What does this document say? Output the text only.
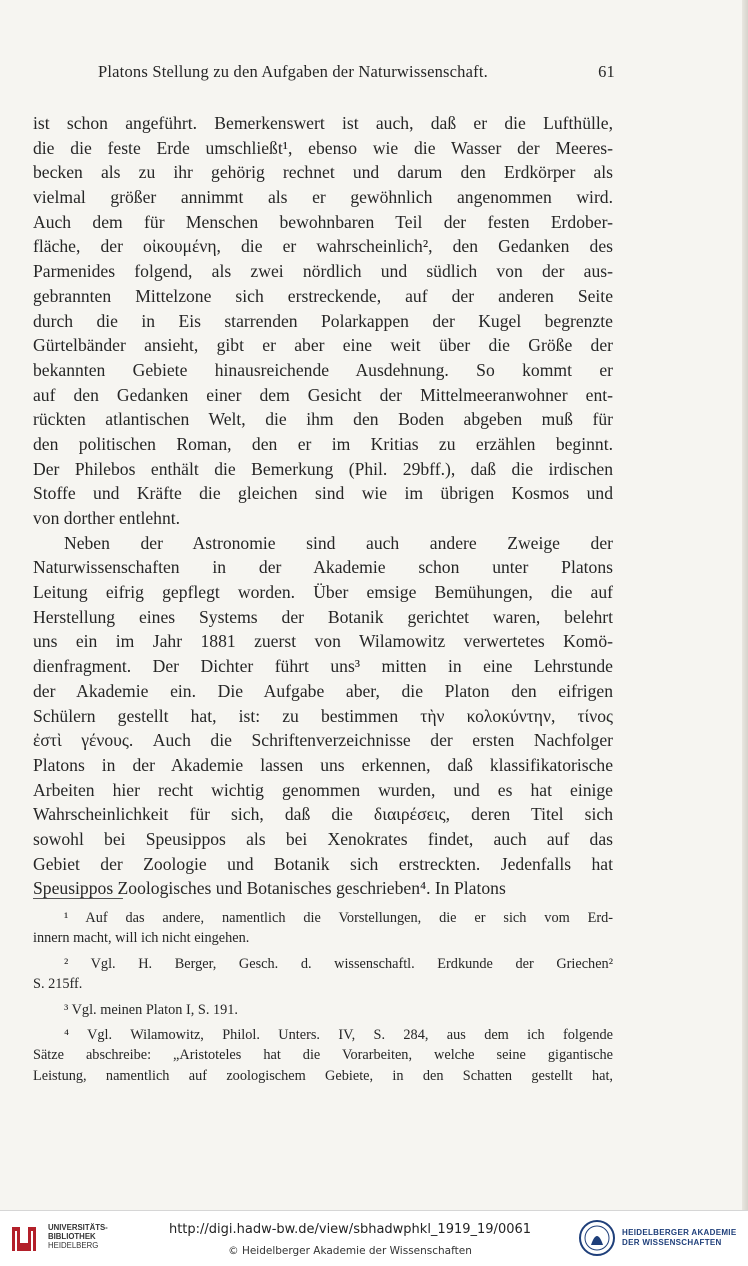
Platons Stellung zu den Aufgaben der Naturwissenschaft.	61
ist schon angeführt. Bemerkenswert ist auch, daß er die Lufthülle,
die die feste Erde umschließt¹, ebenso wie die Wasser der Meeres-
becken als zu ihr gehörig rechnet und darum den Erdkörper als
vielmal größer annimmt als er gewöhnlich angenommen wird.
Auch dem für Menschen bewohnbaren Teil der festen Erdober-
fläche, der οἰκουμένη, die er wahrscheinlich², den Gedanken des
Parmenides folgend, als zwei nördlich und südlich von der aus-
gebrannten Mittelzone sich erstreckende, auf der anderen Seite
durch die in Eis starrenden Polarkappen der Kugel begrenzte
Gürtelbänder ansieht, gibt er aber eine weit über die Größe der
bekannten Gebiete hinausreichende Ausdehnung. So kommt er
auf den Gedanken einer dem Gesicht der Mittelmeeranwohner ent-
rückten atlantischen Welt, die ihm den Boden abgeben muß für
den politischen Roman, den er im Kritias zu erzählen beginnt.
Der Philebos enthält die Bemerkung (Phil. 29bff.), daß die irdischen
Stoffe und Kräfte die gleichen sind wie im übrigen Kosmos und
von dorther entlehnt.
Neben der Astronomie sind auch andere Zweige der
Naturwissenschaften in der Akademie schon unter Platons
Leitung eifrig gepflegt worden. Über emsige Bemühungen, die auf
Herstellung eines Systems der Botanik gerichtet waren, belehrt
uns ein im Jahr 1881 zuerst von Wilamowitz verwertetes Komö-
dienfragment. Der Dichter führt uns³ mitten in eine Lehrstunde
der Akademie ein. Die Aufgabe aber, die Platon den eifrigen
Schülern gestellt hat, ist: zu bestimmen τὴν κολοκύντην, τίνος
ἐστὶ γένους. Auch die Schriftenverzeichnisse der ersten Nachfolger
Platons in der Akademie lassen uns erkennen, daß klassifikatorische
Arbeiten hier recht wichtig genommen wurden, und es hat einige
Wahrscheinlichkeit für sich, daß die διαιρέσεις, deren Titel sich
sowohl bei Speusippos als bei Xenokrates findet, auch auf das
Gebiet der Zoologie und Botanik sich erstreckten. Jedenfalls hat
Speusippos Zoologisches und Botanisches geschrieben⁴. In Platons
¹ Auf das andere, namentlich die Vorstellungen, die er sich vom Erd-
innern macht, will ich nicht eingehen.
² Vgl. H. Berger, Gesch. d. wissenschaftl. Erdkunde der Griechen²
S. 215ff.
³ Vgl. meinen Platon I, S. 191.
⁴ Vgl. Wilamowitz, Philol. Unters. IV, S. 284, aus dem ich folgende
Sätze abschreibe: „Aristoteles hat die Vorarbeiten, welche seine gigantische
Leistung, namentlich auf zoologischem Gebiete, in den Schatten gestellt hat,
UNIVERSITÄTS-
BIBLIOTHEK
HEIDELBERG
http://digi.hadw-bw.de/view/sbhadwphkl_1919_19/0061
© Heidelberger Akademie der Wissenschaften
HEIDELBERGER AKADEMIE
DER WISSENSCHAFTEN
